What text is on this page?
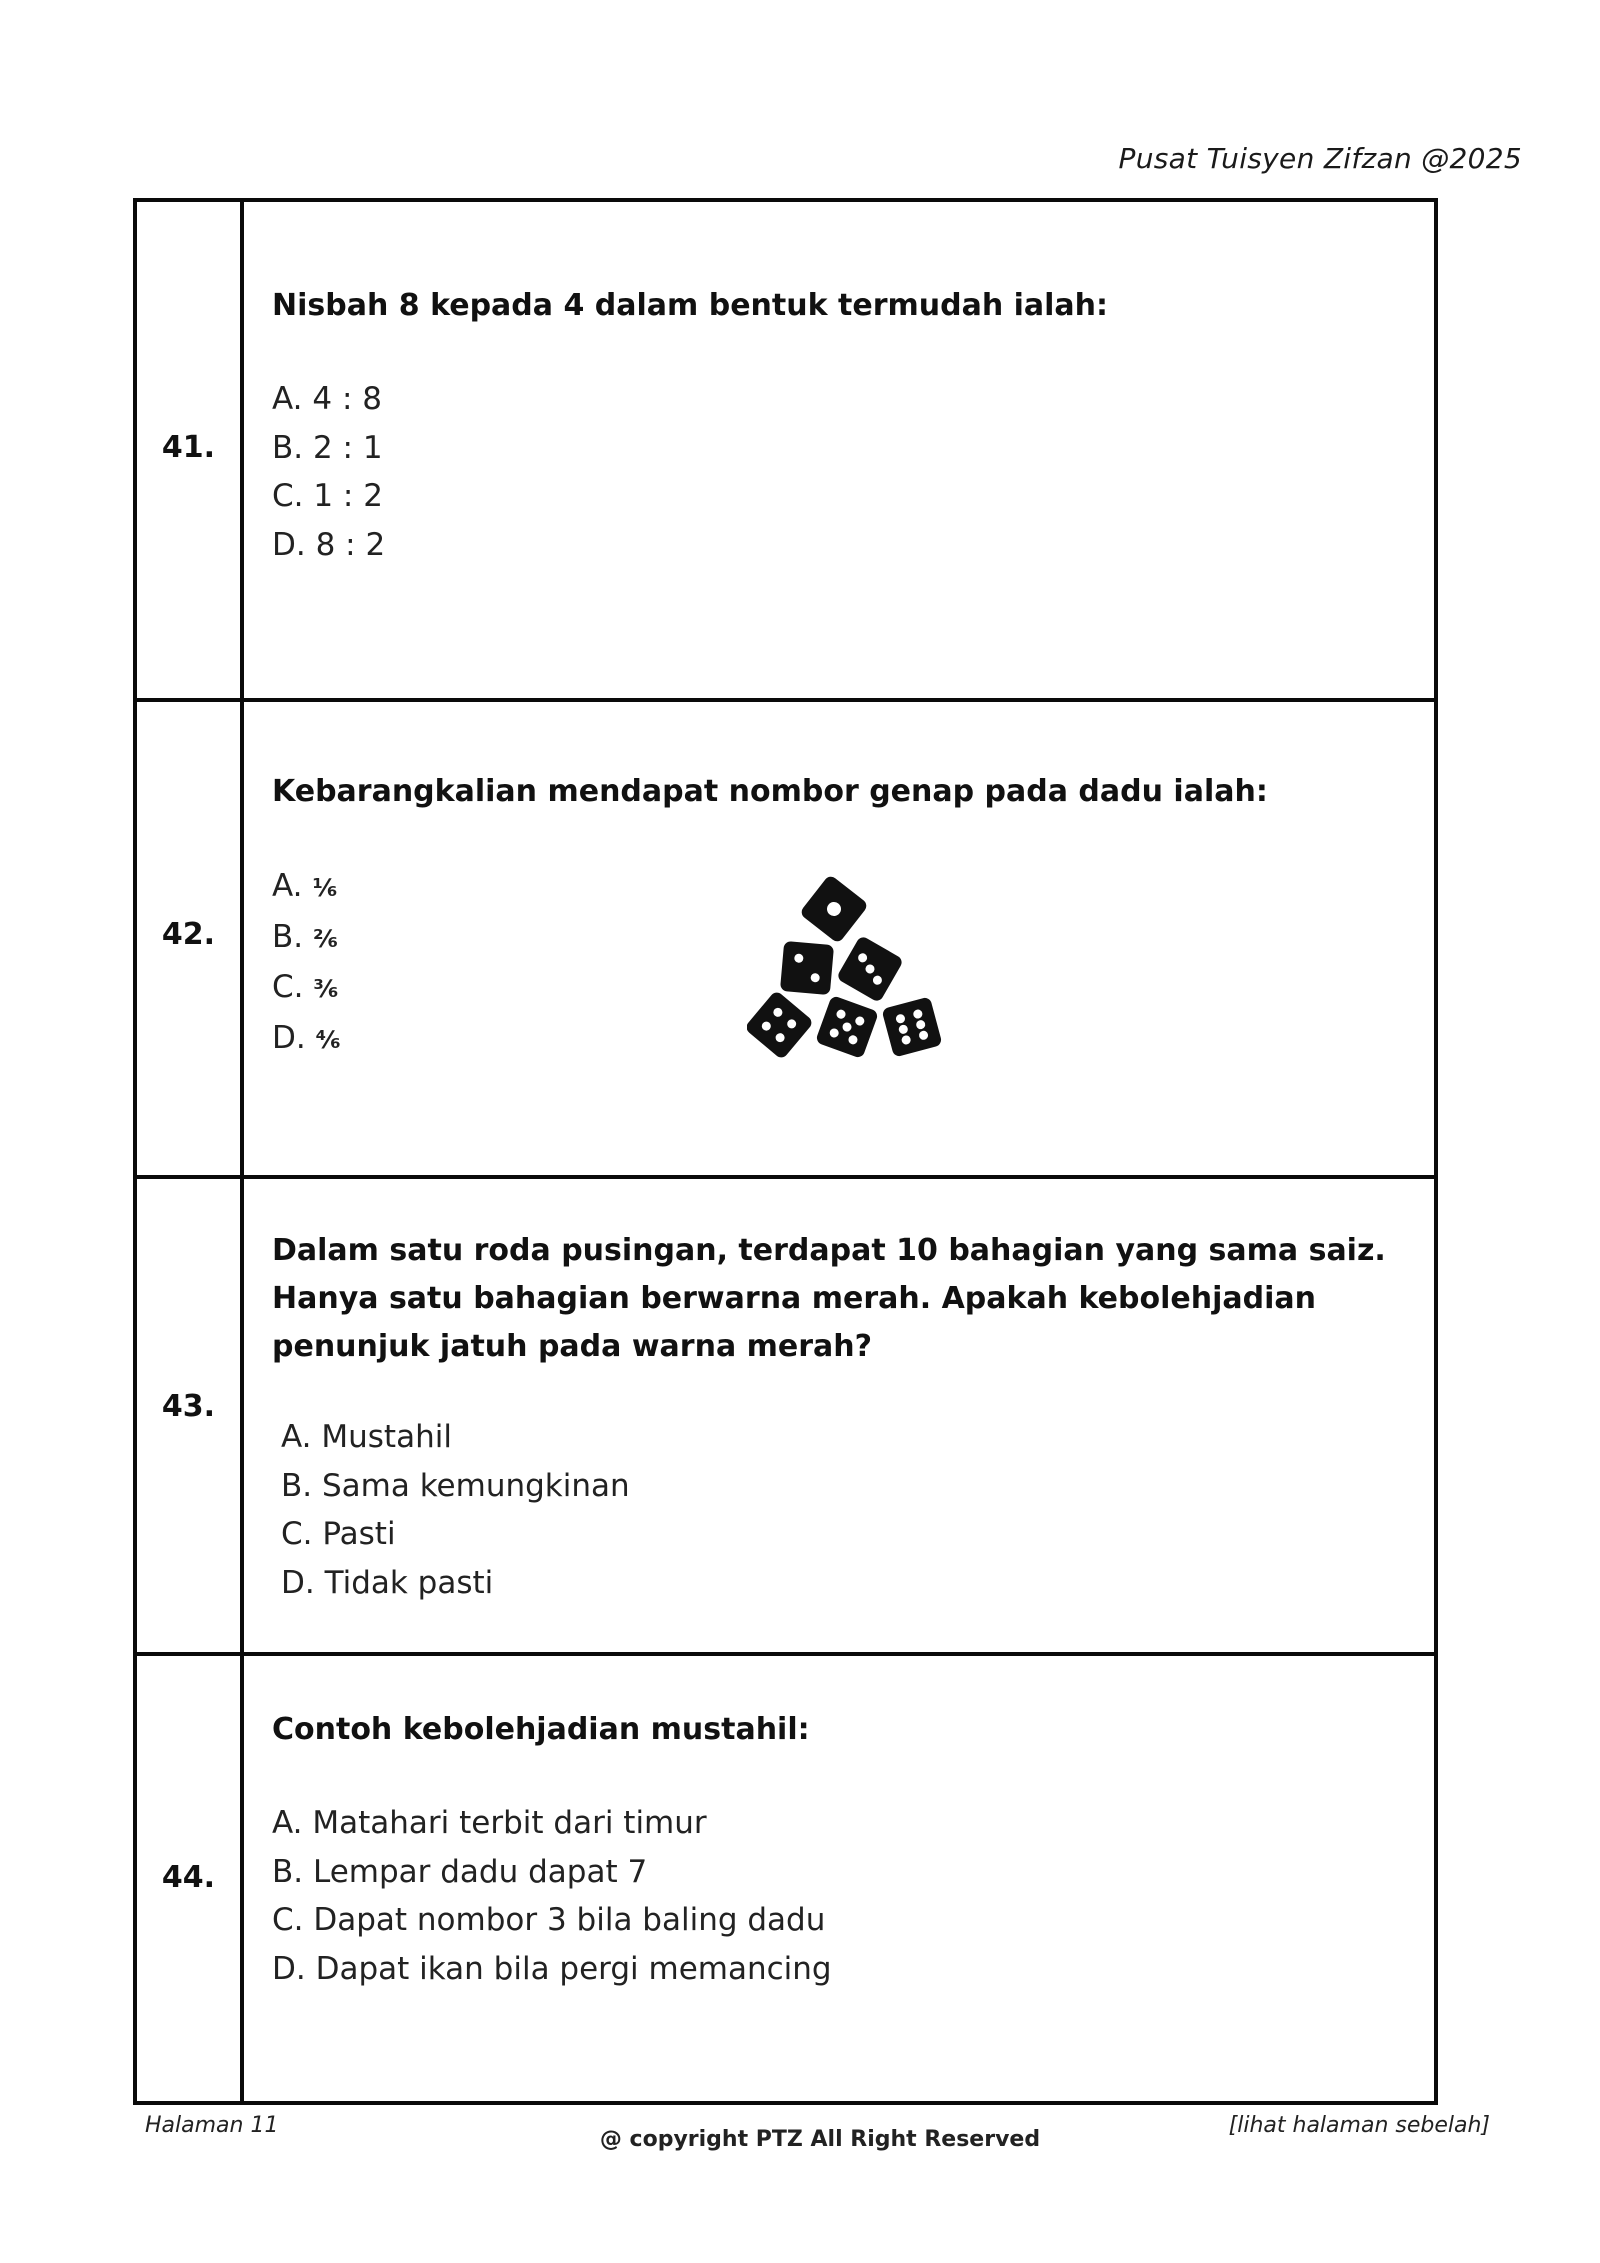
Pusat Tuisyen Zifzan @2025
41.
Nisbah 8 kepada 4 dalam bentuk termudah ialah:
A. 4 : 8
B. 2 : 1
C. 1 : 2
D. 8 : 2
42.
Kebarangkalian mendapat nombor genap pada dadu ialah:
A. ¹⁄₆
B. ²⁄₆
C. ³⁄₆
D. ⁴⁄₆
43.
Dalam satu roda pusingan, terdapat 10 bahagian yang sama saiz.
Hanya satu bahagian berwarna merah. Apakah kebolehjadian
penunjuk jatuh pada warna merah?
A. Mustahil
B. Sama kemungkinan
C. Pasti
D. Tidak pasti
44.
Contoh kebolehjadian mustahil:
A. Matahari terbit dari timur
B. Lempar dadu dapat 7
C. Dapat nombor 3 bila baling dadu
D. Dapat ikan bila pergi memancing
Halaman 11
@ copyright PTZ All Right Reserved
[lihat halaman sebelah]
